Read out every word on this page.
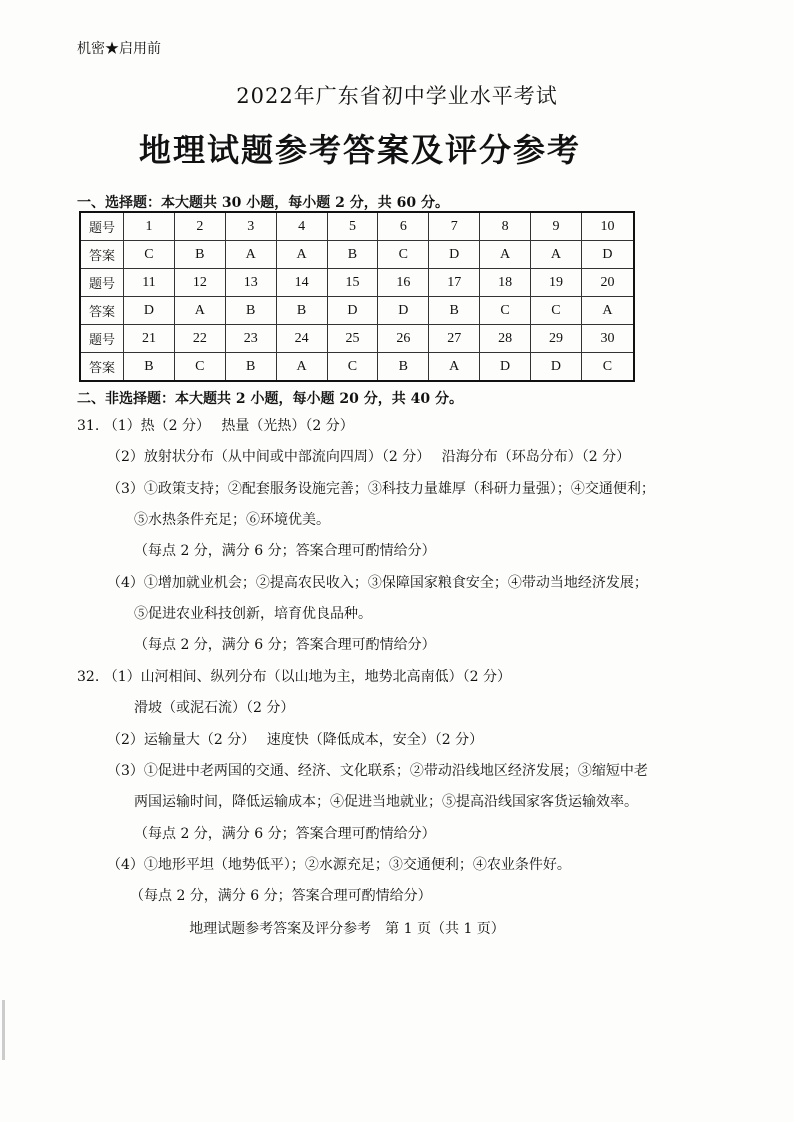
机密★启用前
2022年广东省初中学业水平考试
地理试题参考答案及评分参考
一、选择题：本大题共 30 小题，每小题 2 分，共 60 分。
题号	1	2	3	4	5	6	7	8	9	10
答案	C	B	A	A	B	C	D	A	A	D
题号	11	12	13	14	15	16	17	18	19	20
答案	D	A	B	B	D	D	B	C	C	A
题号	21	22	23	24	25	26	27	28	29	30
答案	B	C	B	A	C	B	A	D	D	C
二、非选择题：本大题共 2 小题，每小题 20 分，共 40 分。
31. （1）热（2 分）　 热量（光热）（2 分）
（2）放射状分布（从中间或中部流向四周）（2 分）　 沿海分布（环岛分布）（2 分）
（3）①政策支持；②配套服务设施完善；③科技力量雄厚（科研力量强）；④交通便利；
⑤水热条件充足；⑥环境优美。
（每点 2 分，满分 6 分；答案合理可酌情给分）
（4）①增加就业机会；②提高农民收入；③保障国家粮食安全；④带动当地经济发展；
⑤促进农业科技创新，培育优良品种。
（每点 2 分，满分 6 分；答案合理可酌情给分）
32. （1）山河相间、纵列分布（以山地为主，地势北高南低）（2 分）
滑坡（或泥石流）（2 分）
（2）运输量大（2 分）　 速度快（降低成本，安全）（2 分）
（3）①促进中老两国的交通、经济、文化联系；②带动沿线地区经济发展；③缩短中老
两国运输时间，降低运输成本；④促进当地就业；⑤提高沿线国家客货运输效率。
（每点 2 分，满分 6 分；答案合理可酌情给分）
（4）①地形平坦（地势低平）；②水源充足；③交通便利；④农业条件好。
（每点 2 分，满分 6 分；答案合理可酌情给分）
地理试题参考答案及评分参考　第 1 页（共 1 页）
